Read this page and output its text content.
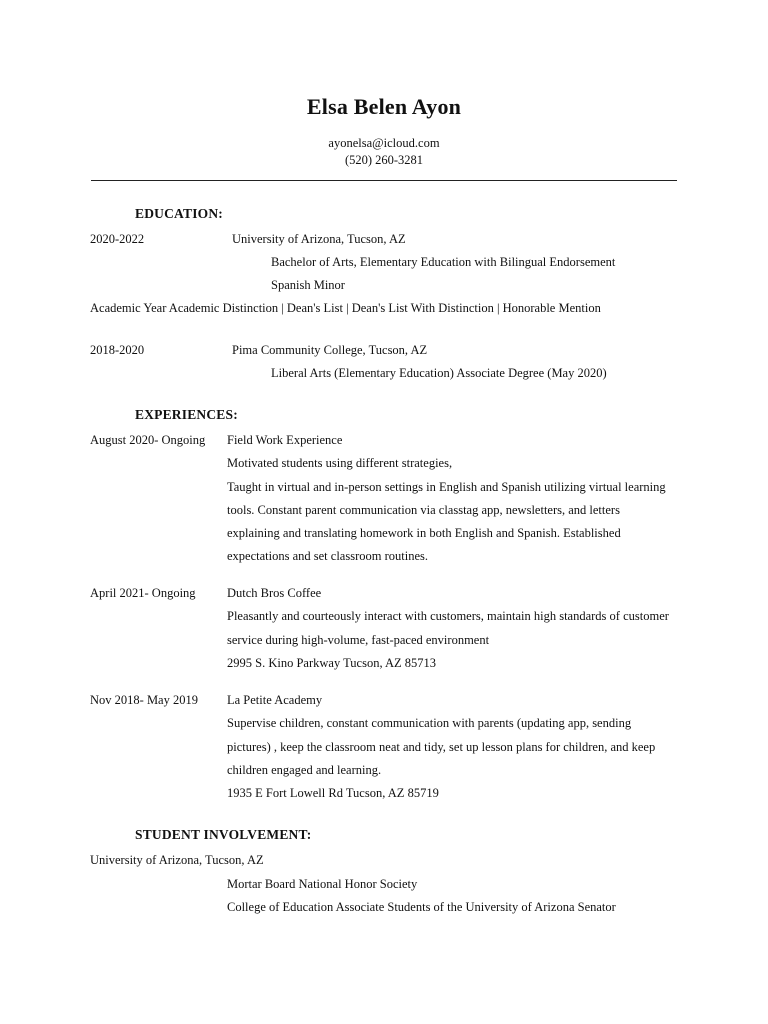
Elsa Belen Ayon
ayonelsa@icloud.com
(520) 260-3281
EDUCATION:
2020-2022	University of Arizona, Tucson, AZ
Bachelor of Arts, Elementary Education with Bilingual Endorsement
Spanish Minor
Academic Year Academic Distinction | Dean's List | Dean's List With Distinction | Honorable Mention
2018-2020	Pima Community College, Tucson, AZ
Liberal Arts (Elementary Education) Associate Degree (May 2020)
EXPERIENCES:
August 2020- Ongoing Field Work Experience
Motivated students using different strategies,
Taught in virtual and in-person settings in English and Spanish utilizing virtual learning
tools. Constant parent communication via classtag app, newsletters, and letters
explaining and translating homework in both English and Spanish. Established
expectations and set classroom routines.
April 2021- Ongoing	Dutch Bros Coffee
Pleasantly and courteously interact with customers, maintain high standards of customer
service during high-volume, fast-paced environment
2995 S. Kino Parkway Tucson, AZ 85713
Nov 2018- May 2019 La Petite Academy
Supervise children, constant communication with parents (updating app, sending
pictures) , keep the classroom neat and tidy, set up lesson plans for children, and keep
children engaged and learning.
1935 E Fort Lowell Rd Tucson, AZ 85719
STUDENT INVOLVEMENT:
University of Arizona, Tucson, AZ
Mortar Board National Honor Society
College of Education Associate Students of the University of Arizona Senator
